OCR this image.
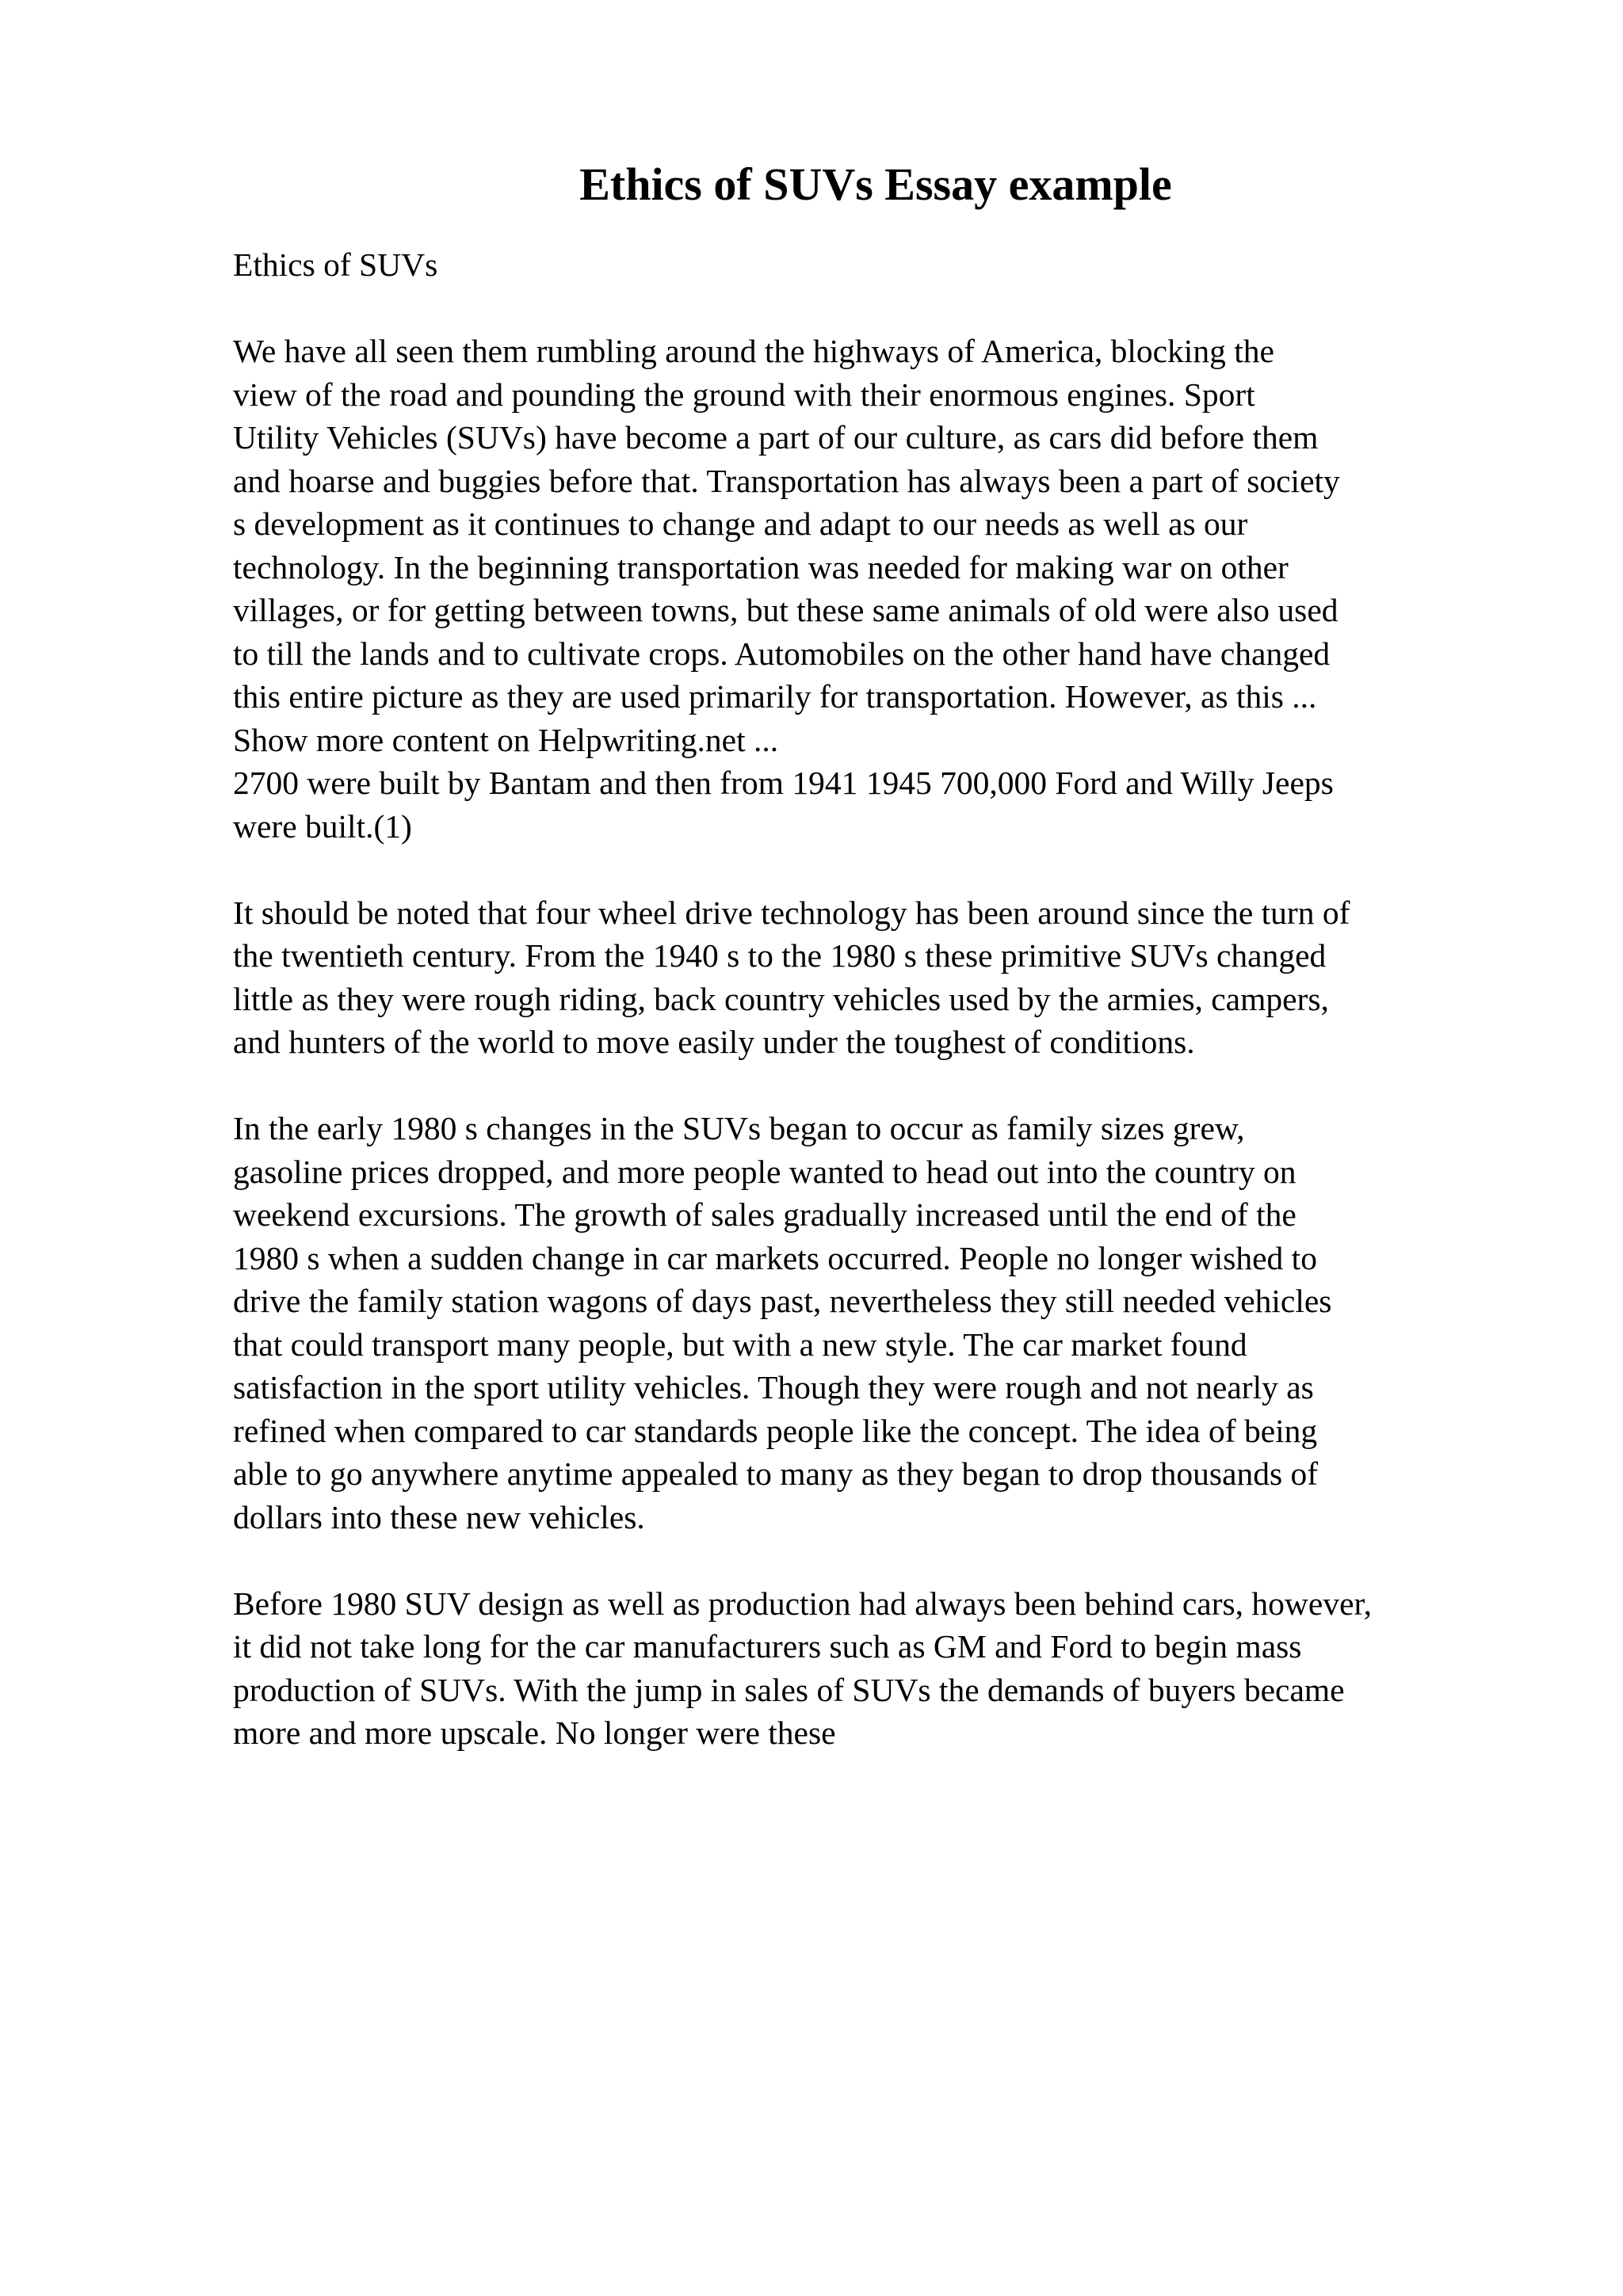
Ethics of SUVs Essay example
Ethics of SUVs
We have all seen them rumbling around the highways of America, blocking the
view of the road and pounding the ground with their enormous engines. Sport
Utility Vehicles (SUVs) have become a part of our culture, as cars did before them
and hoarse and buggies before that. Transportation has always been a part of society
s development as it continues to change and adapt to our needs as well as our
technology. In the beginning transportation was needed for making war on other
villages, or for getting between towns, but these same animals of old were also used
to till the lands and to cultivate crops. Automobiles on the other hand have changed
this entire picture as they are used primarily for transportation. However, as this ...
Show more content on Helpwriting.net ...
2700 were built by Bantam and then from 1941 1945 700,000 Ford and Willy Jeeps
were built.(1)
It should be noted that four wheel drive technology has been around since the turn of
the twentieth century. From the 1940 s to the 1980 s these primitive SUVs changed
little as they were rough riding, back country vehicles used by the armies, campers,
and hunters of the world to move easily under the toughest of conditions.
In the early 1980 s changes in the SUVs began to occur as family sizes grew,
gasoline prices dropped, and more people wanted to head out into the country on
weekend excursions. The growth of sales gradually increased until the end of the
1980 s when a sudden change in car markets occurred. People no longer wished to
drive the family station wagons of days past, nevertheless they still needed vehicles
that could transport many people, but with a new style. The car market found
satisfaction in the sport utility vehicles. Though they were rough and not nearly as
refined when compared to car standards people like the concept. The idea of being
able to go anywhere anytime appealed to many as they began to drop thousands of
dollars into these new vehicles.
Before 1980 SUV design as well as production had always been behind cars, however,
it did not take long for the car manufacturers such as GM and Ford to begin mass
production of SUVs. With the jump in sales of SUVs the demands of buyers became
more and more upscale. No longer were these
